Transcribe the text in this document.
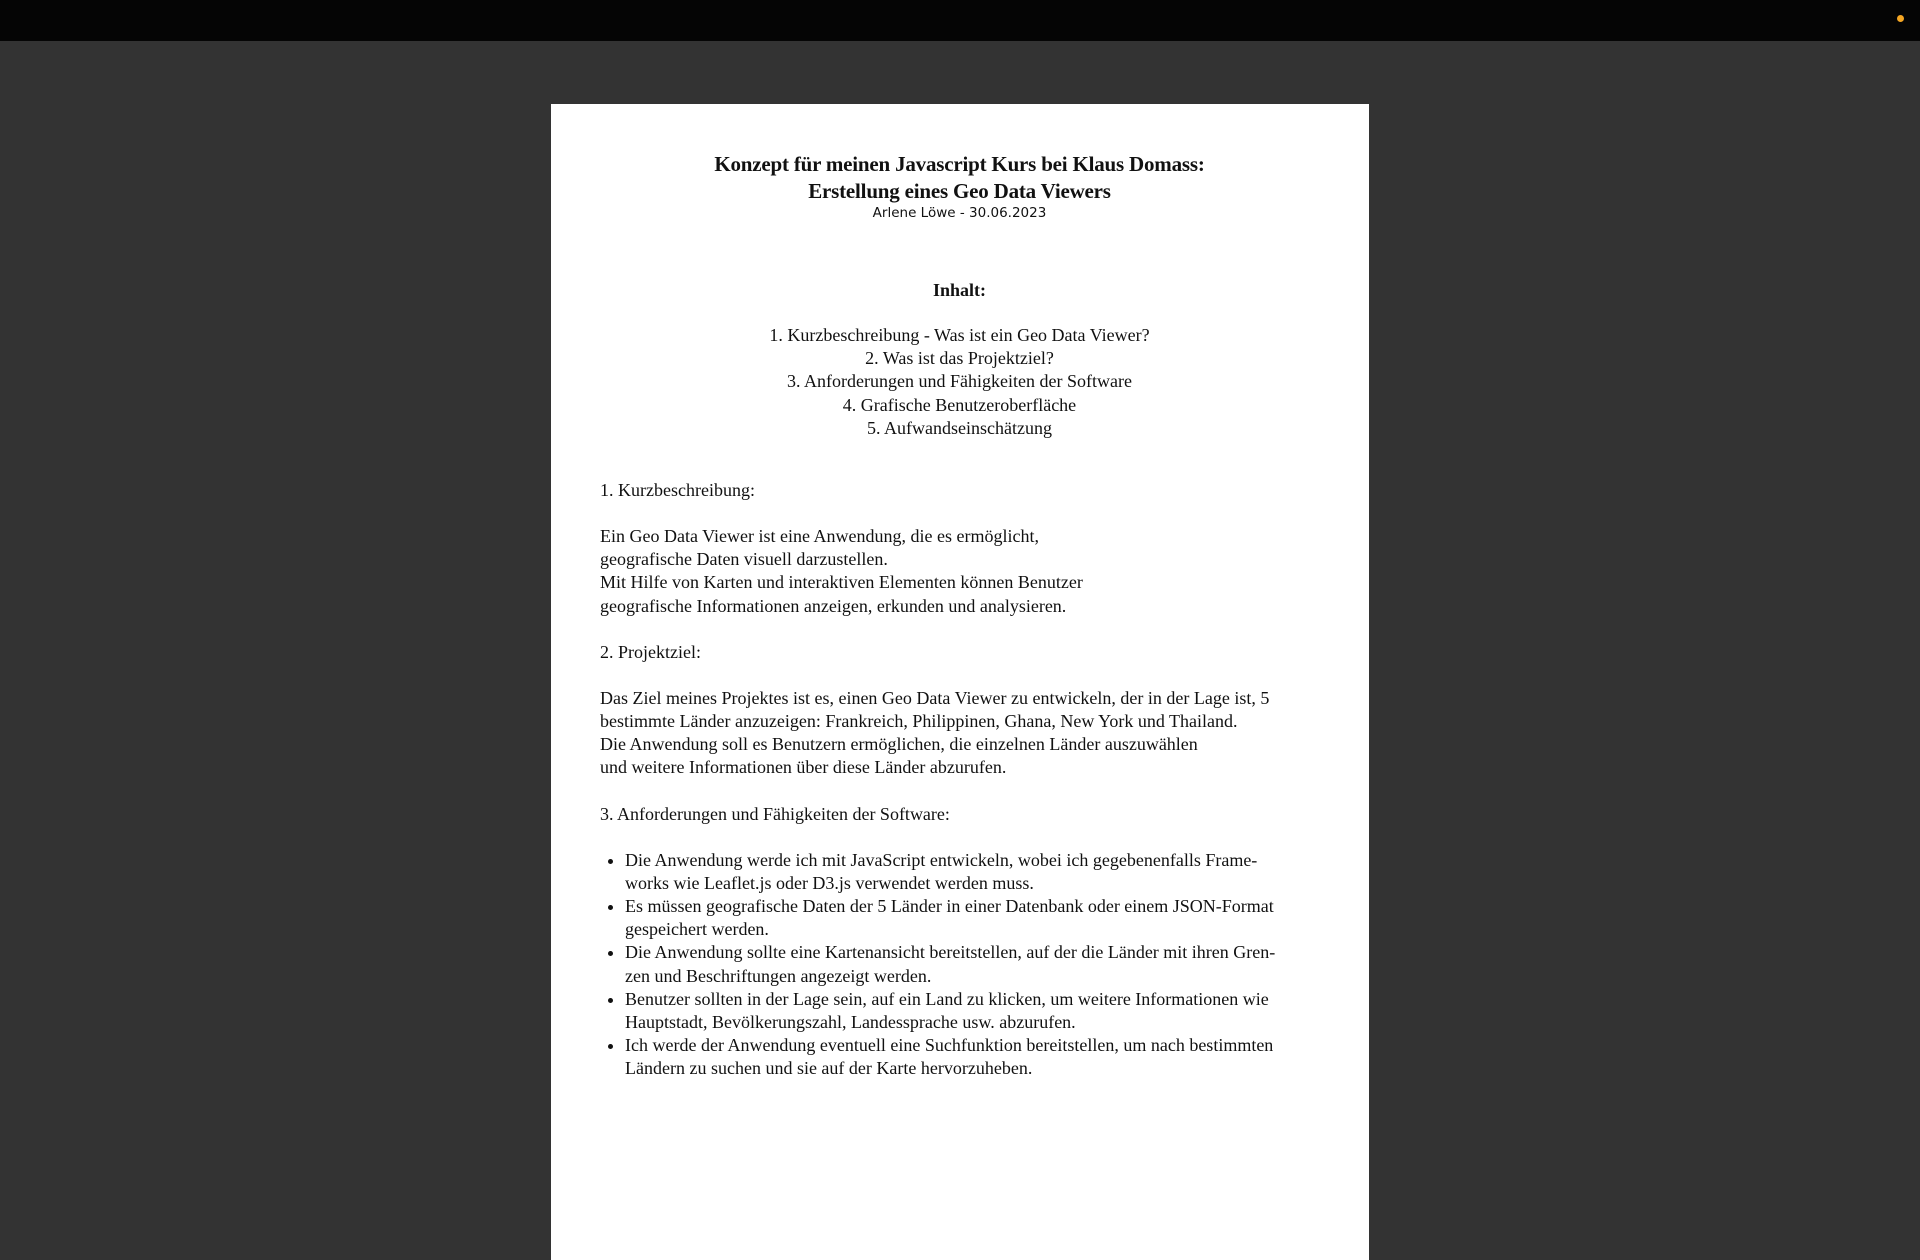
Konzept für meinen Javascript Kurs bei Klaus Domass:

Erstellung eines Geo Data Viewers

Arlene Löwe - 30.06.2023

Inhalt:

1. Kurzbeschreibung - Was ist ein Geo Data Viewer?
2. Was ist das Projektziel?
3. Anforderungen und Fähigkeiten der Software
4. Grafische Benutzeroberfläche
5. Aufwandseinschätzung

1. Kurzbeschreibung:

Ein Geo Data Viewer ist eine Anwendung, die es ermöglicht,
geografische Daten visuell darzustellen.
Mit Hilfe von Karten und interaktiven Elementen können Benutzer
geografische Informationen anzeigen, erkunden und analysieren.

2. Projektziel:

Das Ziel meines Projektes ist es, einen Geo Data Viewer zu entwickeln, der in der Lage ist, 5
bestimmte Länder anzuzeigen: Frankreich, Philippinen, Ghana, New York und Thailand.
Die Anwendung soll es Benutzern ermöglichen, die einzelnen Länder auszuwählen
und weitere Informationen über diese Länder abzurufen.

3. Anforderungen und Fähigkeiten der Software:

• Die Anwendung werde ich mit JavaScript entwickeln, wobei ich gegebenenfalls Frame-
works wie Leaflet.js oder D3.js verwendet werden muss.
• Es müssen geografische Daten der 5 Länder in einer Datenbank oder einem JSON-Format
gespeichert werden.
• Die Anwendung sollte eine Kartenansicht bereitstellen, auf der die Länder mit ihren Gren-
zen und Beschriftungen angezeigt werden.
• Benutzer sollten in der Lage sein, auf ein Land zu klicken, um weitere Informationen wie
Hauptstadt, Bevölkerungszahl, Landessprache usw. abzurufen.
• Ich werde der Anwendung eventuell eine Suchfunktion bereitstellen, um nach bestimmten
Ländern zu suchen und sie auf der Karte hervorzuheben.
